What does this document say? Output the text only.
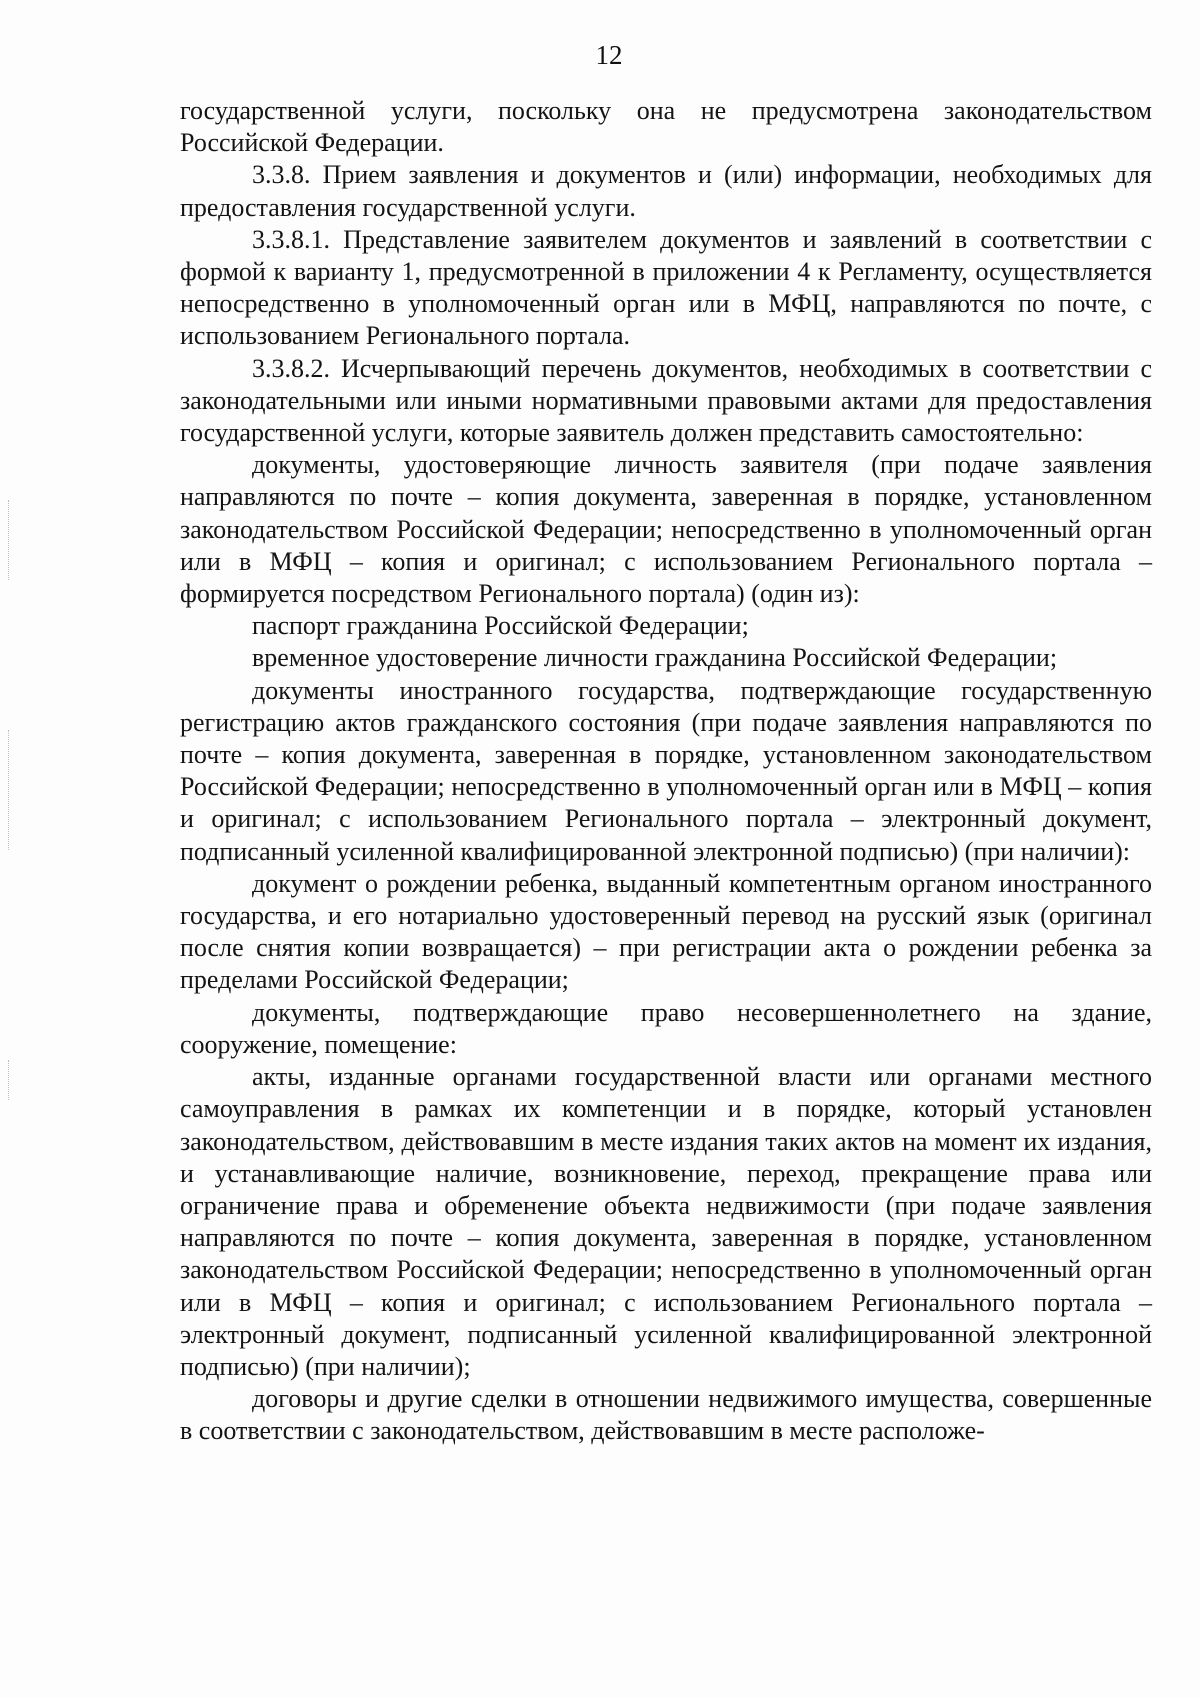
12

государственной услуги, поскольку она не предусмотрена законодательством Российской Федерации.

3.3.8. Прием заявления и документов и (или) информации, необходимых для предоставления государственной услуги.

3.3.8.1. Представление заявителем документов и заявлений в соответствии с формой к варианту 1, предусмотренной в приложении 4 к Регламенту, осуществляется непосредственно в уполномоченный орган или в МФЦ, направляются по почте, с использованием Регионального портала.

3.3.8.2. Исчерпывающий перечень документов, необходимых в соответствии с законодательными или иными нормативными правовыми актами для предоставления государственной услуги, которые заявитель должен представить самостоятельно:

документы, удостоверяющие личность заявителя (при подаче заявления направляются по почте – копия документа, заверенная в порядке, установленном законодательством Российской Федерации; непосредственно в уполномоченный орган или в МФЦ – копия и оригинал; с использованием Регионального портала – формируется посредством Регионального портала) (один из):

паспорт гражданина Российской Федерации;

временное удостоверение личности гражданина Российской Федерации;

документы иностранного государства, подтверждающие государственную регистрацию актов гражданского состояния (при подаче заявления направляются по почте – копия документа, заверенная в порядке, установленном законодательством Российской Федерации; непосредственно в уполномоченный орган или в МФЦ – копия и оригинал; с использованием Регионального портала – электронный документ, подписанный усиленной квалифицированной электронной подписью) (при наличии):

документ о рождении ребенка, выданный компетентным органом иностранного государства, и его нотариально удостоверенный перевод на русский язык (оригинал после снятия копии возвращается) – при регистрации акта о рождении ребенка за пределами Российской Федерации;

документы, подтверждающие право несовершеннолетнего на здание, сооружение, помещение:

акты, изданные органами государственной власти или органами местного самоуправления в рамках их компетенции и в порядке, который установлен законодательством, действовавшим в месте издания таких актов на момент их издания, и устанавливающие наличие, возникновение, переход, прекращение права или ограничение права и обременение объекта недвижимости (при подаче заявления направляются по почте – копия документа, заверенная в порядке, установленном законодательством Российской Федерации; непосредственно в уполномоченный орган или в МФЦ – копия и оригинал; с использованием Регионального портала – электронный документ, подписанный усиленной квалифицированной электронной подписью) (при наличии);

договоры и другие сделки в отношении недвижимого имущества, совершенные в соответствии с законодательством, действовавшим в месте расположе-
